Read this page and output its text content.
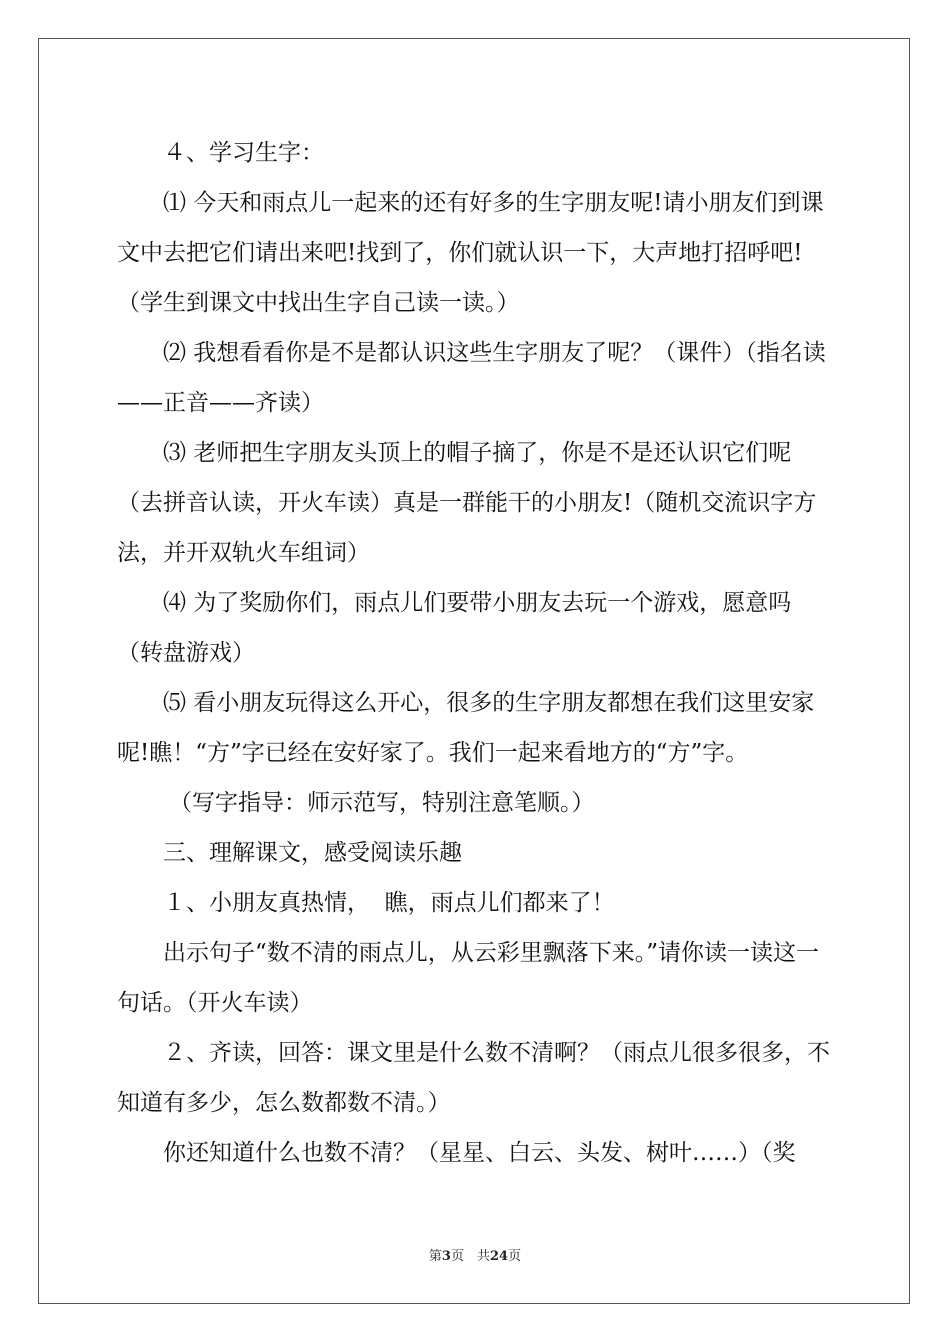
４、学习生字：

⑴ 今天和雨点儿一起来的还有好多的生字朋友呢!请小朋友们到课文中去把它们请出来吧!找到了，你们就认识一下，大声地打招呼吧!（学生到课文中找出生字自己读一读。）

⑵ 我想看看你是不是都认识这些生字朋友了呢？（课件）（指名读——正音——齐读）

⑶ 老师把生字朋友头顶上的帽子摘了，你是不是还认识它们呢（去拼音认读，开火车读）真是一群能干的小朋友!（随机交流识字方法，并开双轨火车组词）

⑷ 为了奖励你们，雨点儿们要带小朋友去玩一个游戏，愿意吗（转盘游戏）

⑸ 看小朋友玩得这么开心，很多的生字朋友都想在我们这里安家呢!瞧！“方”字已经在安好家了。我们一起来看地方的“方”字。

（写字指导：师示范写，特别注意笔顺。）

三、理解课文，感受阅读乐趣

１、小朋友真热情，  瞧，雨点儿们都来了！

出示句子“数不清的雨点儿，从云彩里飘落下来。”请你读一读这一句话。（开火车读）

２、齐读，回答：课文里是什么数不清啊？（雨点儿很多很多，不知道有多少，怎么数都数不清。）

你还知道什么也数不清？（星星、白云、头发、树叶……）（奖

第3页　共24页
